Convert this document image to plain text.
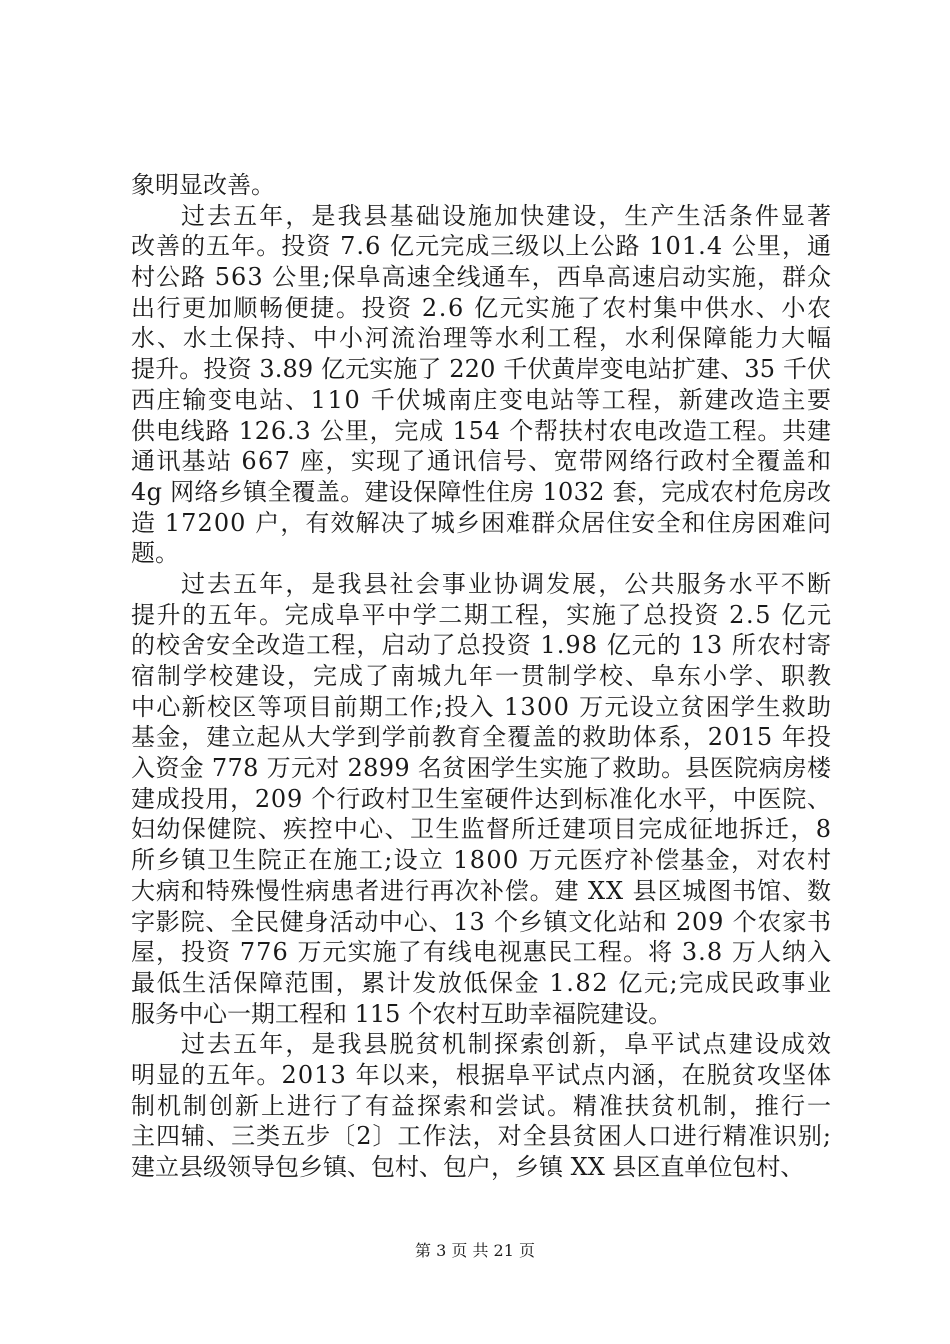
象明显改善。
过去五年，是我县基础设施加快建设，生产生活条件显著
改善的五年。投资 7.6 亿元完成三级以上公路 101.4 公里，通
村公路 563 公里;保阜高速全线通车，西阜高速启动实施，群众
出行更加顺畅便捷。投资 2.6 亿元实施了农村集中供水、小农
水、水土保持、中小河流治理等水利工程，水利保障能力大幅
提升。投资 3.89 亿元实施了 220 千伏黄岸变电站扩建、35 千伏
西庄输变电站、110 千伏城南庄变电站等工程，新建改造主要
供电线路 126.3 公里，完成 154 个帮扶村农电改造工程。共建
通讯基站 667 座，实现了通讯信号、宽带网络行政村全覆盖和
4g 网络乡镇全覆盖。建设保障性住房 1032 套，完成农村危房改
造 17200 户，有效解决了城乡困难群众居住安全和住房困难问
题。
过去五年，是我县社会事业协调发展，公共服务水平不断
提升的五年。完成阜平中学二期工程，实施了总投资 2.5 亿元
的校舍安全改造工程，启动了总投资 1.98 亿元的 13 所农村寄
宿制学校建设，完成了南城九年一贯制学校、阜东小学、职教
中心新校区等项目前期工作;投入 1300 万元设立贫困学生救助
基金，建立起从大学到学前教育全覆盖的救助体系，2015 年投
入资金 778 万元对 2899 名贫困学生实施了救助。县医院病房楼
建成投用，209 个行政村卫生室硬件达到标准化水平，中医院、
妇幼保健院、疾控中心、卫生监督所迁建项目完成征地拆迁，8
所乡镇卫生院正在施工;设立 1800 万元医疗补偿基金，对农村
大病和特殊慢性病患者进行再次补偿。建 XX 县区城图书馆、数
字影院、全民健身活动中心、13 个乡镇文化站和 209 个农家书
屋，投资 776 万元实施了有线电视惠民工程。将 3.8 万人纳入
最低生活保障范围，累计发放低保金 1.82 亿元;完成民政事业
服务中心一期工程和 115 个农村互助幸福院建设。
过去五年，是我县脱贫机制探索创新，阜平试点建设成效
明显的五年。2013 年以来，根据阜平试点内涵，在脱贫攻坚体
制机制创新上进行了有益探索和尝试。精准扶贫机制，推行一
主四辅、三类五步〔2〕工作法，对全县贫困人口进行精准识别;
建立县级领导包乡镇、包村、包户，乡镇 XX 县区直单位包村、
第 3 页 共 21 页
